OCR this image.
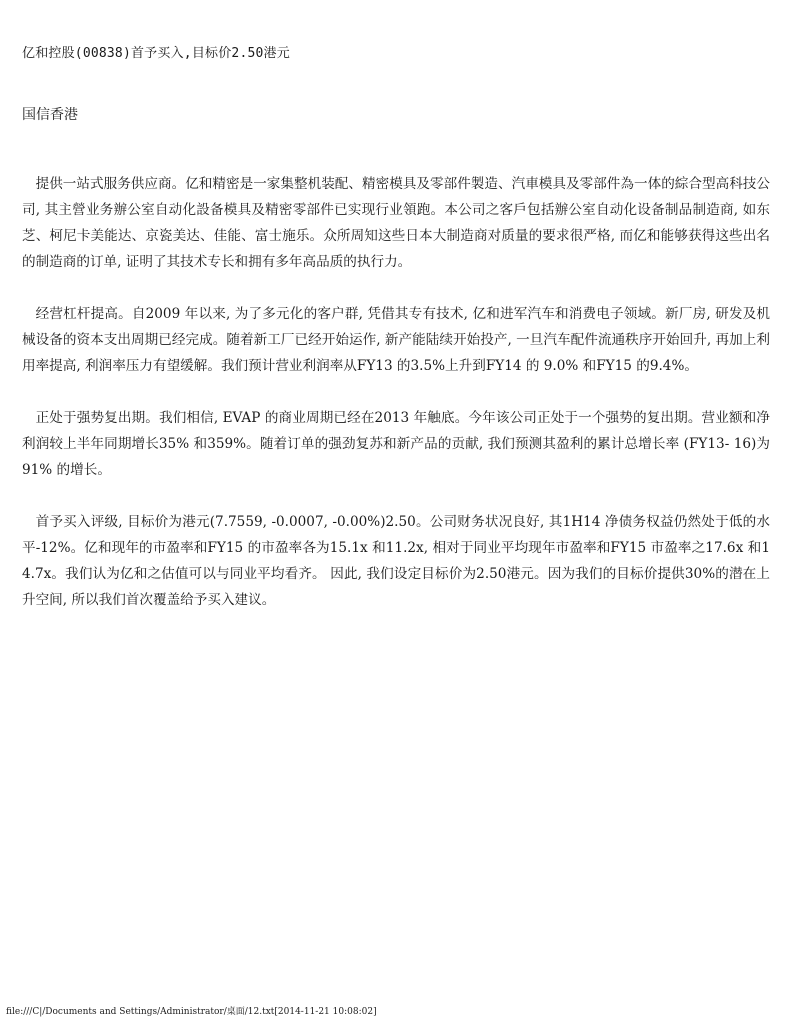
亿和控股(00838)首予买入,目标价2.50港元

国信香港

提供一站式服务供应商。亿和精密是一家集整机装配、精密模具及零部件製造、汽車模具及零部件為一体的綜合型高科技公司, 其主營业务辦公室自动化設备模具及精密零部件已实现行业領跑。本公司之客戶包括辦公室自动化设备制品制造商, 如东芝、柯尼卡美能达、京瓷美达、佳能、富士施乐。众所周知这些日本大制造商对质量的要求很严格, 而亿和能够获得这些出名的制造商的订单, 证明了其技术专长和拥有多年高品质的执行力。

经营杠杆提高。自2009 年以来, 为了多元化的客户群, 凭借其专有技术, 亿和进军汽车和消费电子领域。新厂房, 研发及机械设备的资本支出周期已经完成。随着新工厂已经开始运作, 新产能陆续开始投产, 一旦汽车配件流通秩序开始回升, 再加上利用率提高, 利润率压力有望缓解。我们预计营业利润率从FY13 的3.5%上升到FY14 的 9.0% 和FY15 的9.4%。

正处于强势复出期。我们相信, EVAP 的商业周期已经在2013 年触底。今年该公司正处于一个强势的复出期。营业额和净利润较上半年同期增长35% 和359%。随着订单的强劲复苏和新产品的贡献, 我们预测其盈利的累计总增长率 (FY13- 16)为91% 的增长。

首予买入评级, 目标价为港元(7.7559, -0.0007, -0.00%)2.50。公司财务状况良好, 其1H14 净债务权益仍然处于低的水平-12%。亿和现年的市盈率和FY15 的市盈率各为15.1x 和11.2x, 相对于同业平均现年市盈率和FY15 市盈率之17.6x 和14.7x。我们认为亿和之估值可以与同业平均看齐。 因此, 我们设定目标价为2.50港元。因为我们的目标价提供30%的潜在上升空间, 所以我们首次覆盖给予买入建议。

file:///C|/Documents and Settings/Administrator/桌面/12.txt[2014-11-21 10:08:02]
